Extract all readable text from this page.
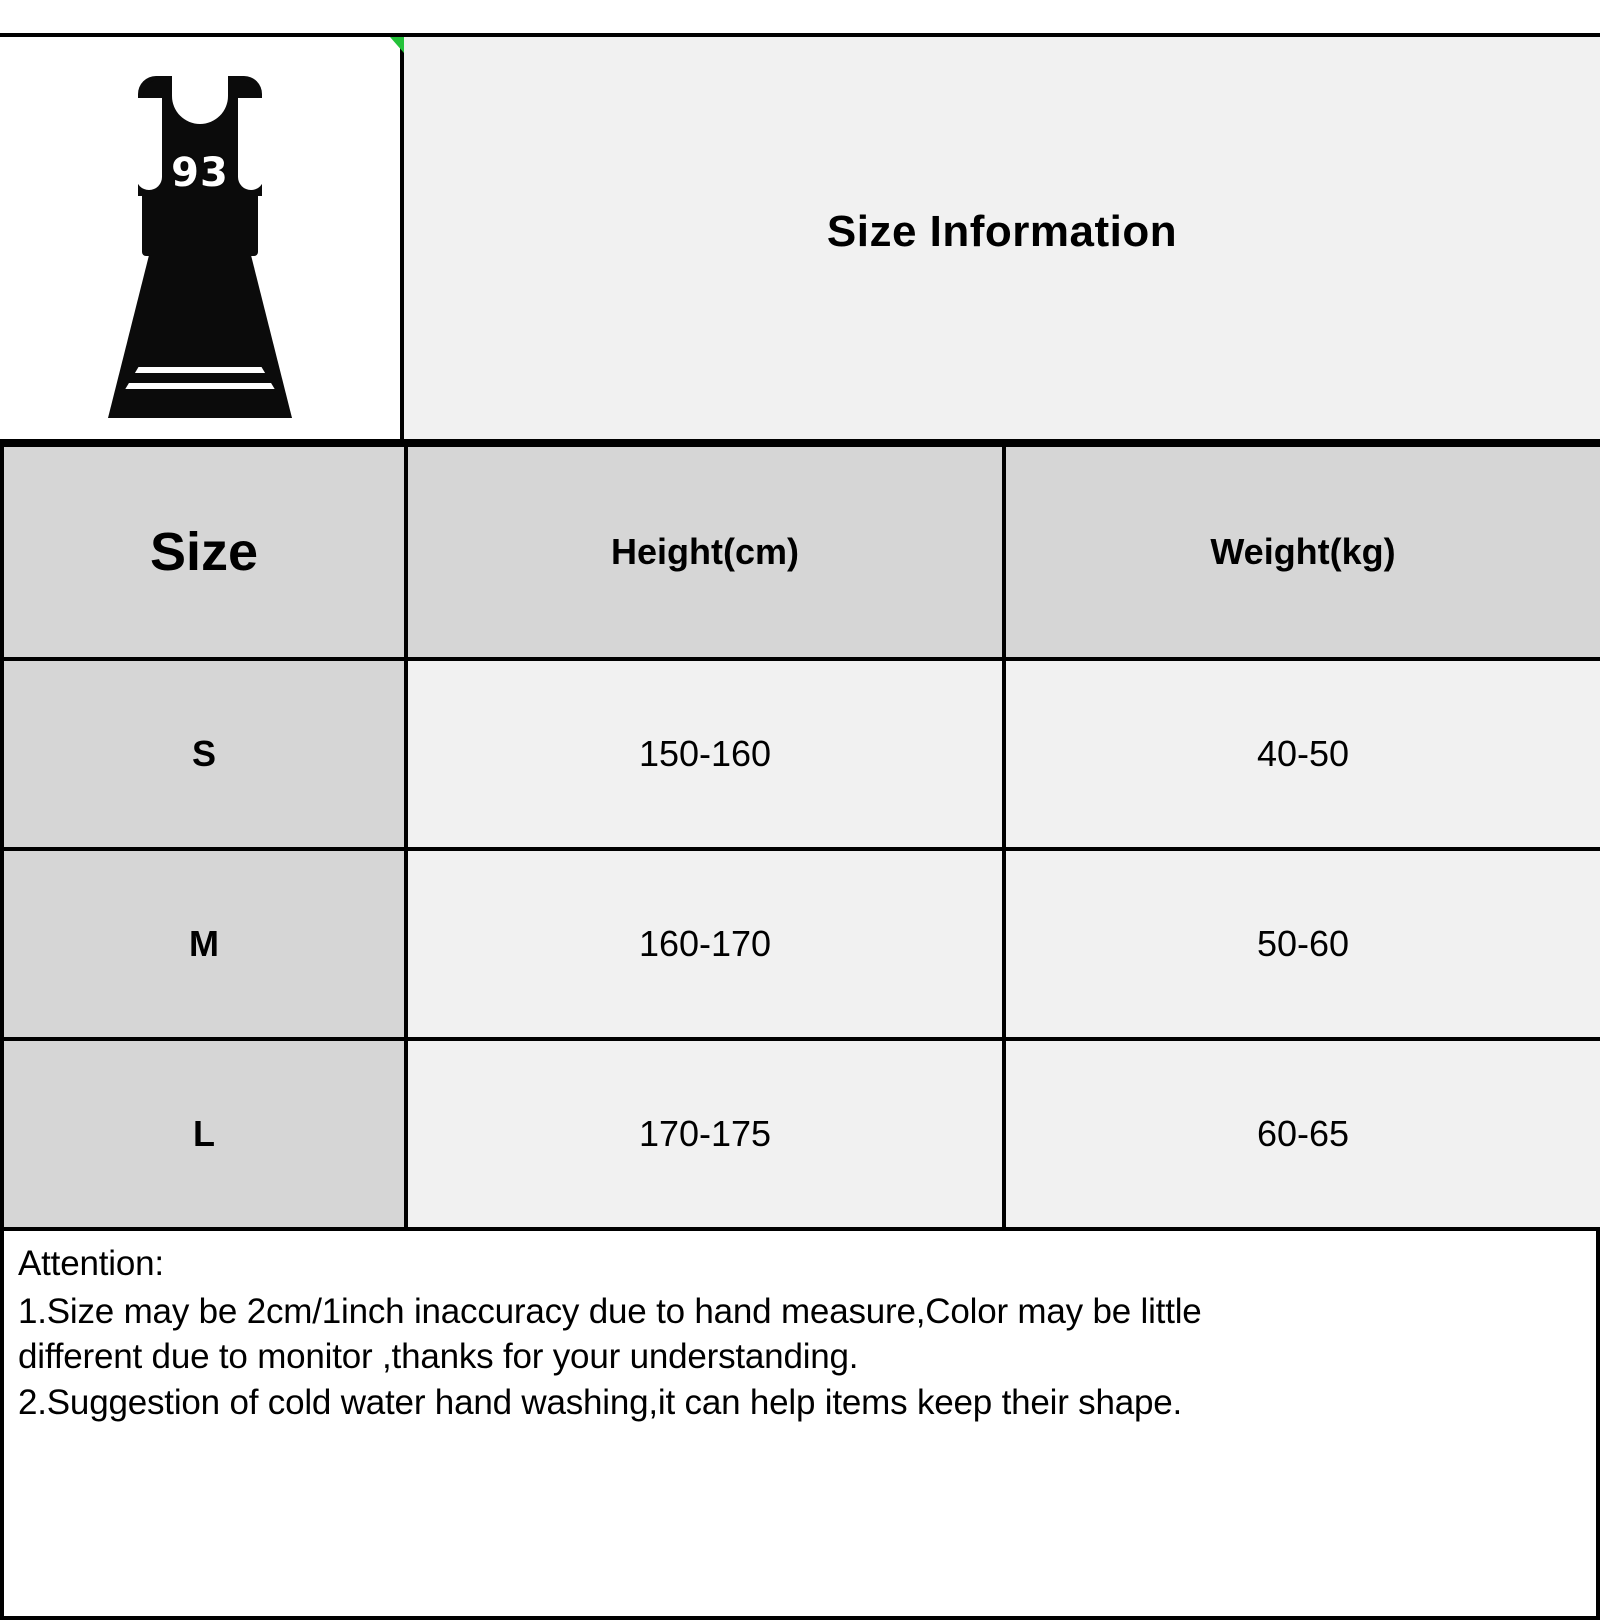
93
Size Information
Size	Height(cm)	Weight(kg)
S	150-160	40-50
M	160-170	50-60
L	170-175	60-65

Attention:

1.Size may be 2cm/1inch inaccuracy due to hand measure,Color may be little

different due to monitor ,thanks for your understanding.

2.Suggestion of cold water hand washing,it can help items keep their shape.
